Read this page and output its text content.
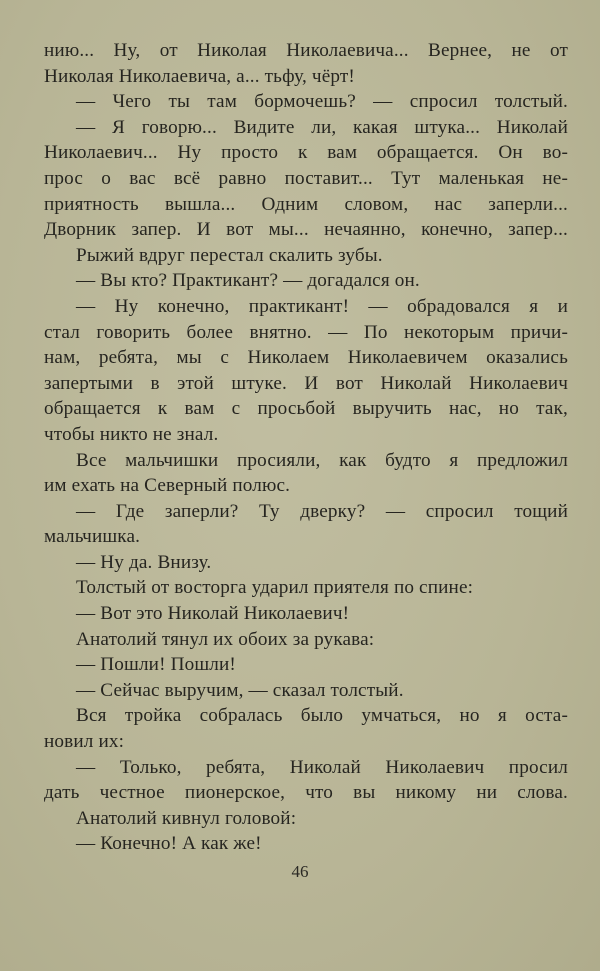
нию... Ну, от Николая Николаевича... Вернее, не от
Николая Николаевича, а... тьфу, чёрт!
— Чего ты там бормочешь? — спросил толстый.
— Я говорю... Видите ли, какая штука... Николай
Николаевич... Ну просто к вам обращается. Он во-
прос о вас всё равно поставит... Тут маленькая не-
приятность вышла... Одним словом, нас заперли...
Дворник запер. И вот мы... нечаянно, конечно, запер...
Рыжий вдруг перестал скалить зубы.
— Вы кто? Практикант? — догадался он.
— Ну конечно, практикант! — обрадовался я и
стал говорить более внятно. — По некоторым причи-
нам, ребята, мы с Николаем Николаевичем оказались
запертыми в этой штуке. И вот Николай Николаевич
обращается к вам с просьбой выручить нас, но так,
чтобы никто не знал.
Все мальчишки просияли, как будто я предложил
им ехать на Северный полюс.
— Где заперли? Ту дверку? — спросил тощий
мальчишка.
— Ну да. Внизу.
Толстый от восторга ударил приятеля по спине:
— Вот это Николай Николаевич!
Анатолий тянул их обоих за рукава:
— Пошли! Пошли!
— Сейчас выручим, — сказал толстый.
Вся тройка собралась было умчаться, но я оста-
новил их:
— Только, ребята, Николай Николаевич просил
дать честное пионерское, что вы никому ни слова.
Анатолий кивнул головой:
— Конечно! А как же!
46
